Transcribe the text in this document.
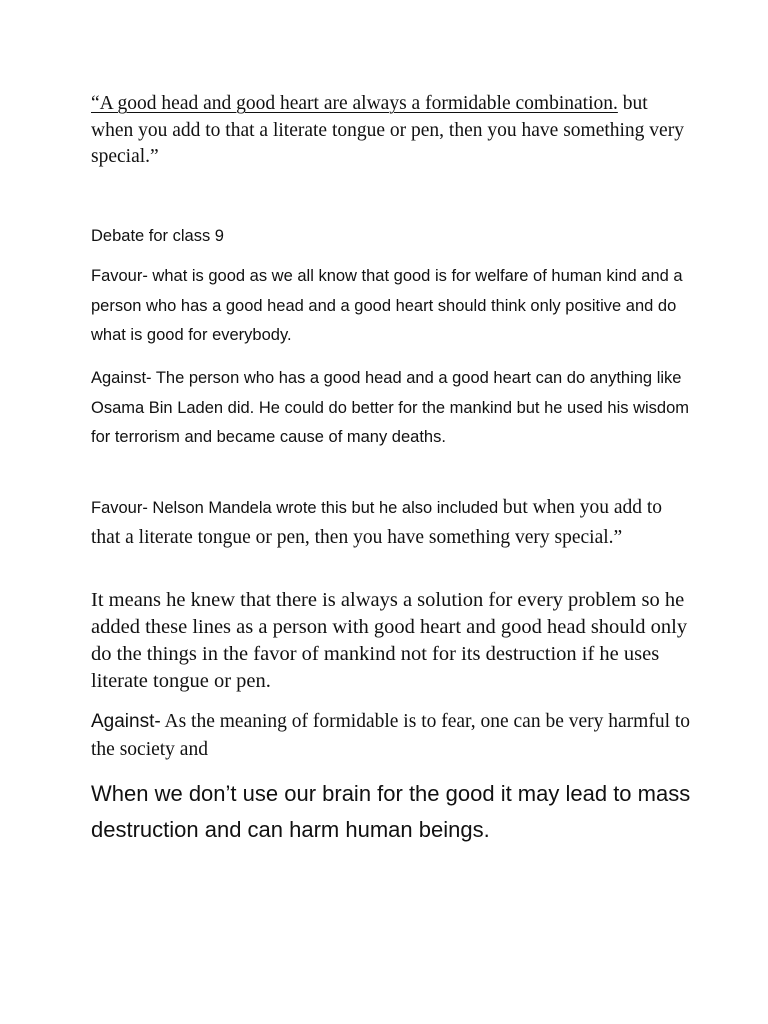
“A good head and good heart are always a formidable combination. but when you add to that a literate tongue or pen, then you have something very special.”
Debate for class 9
Favour- what is good as we all know that good is for welfare of human kind and a person who has a good head and a good heart should think only positive and do what is good for everybody.
Against- The person who has a good head and a good heart can do anything like Osama Bin Laden did. He could do better for the mankind but he used his wisdom for terrorism and became cause of many deaths.
Favour- Nelson Mandela wrote this but he also included but when you add to that a literate tongue or pen, then you have something very special.”
It means he knew that there is always a solution for every problem so he added these lines as a person with good heart and good head should only do the things in the favor of mankind not for its destruction if he uses literate tongue or pen.
Against- As the meaning of formidable is to fear, one can be very harmful to the society and
When we don’t use our brain for the good it may lead to mass destruction and can harm human beings.
